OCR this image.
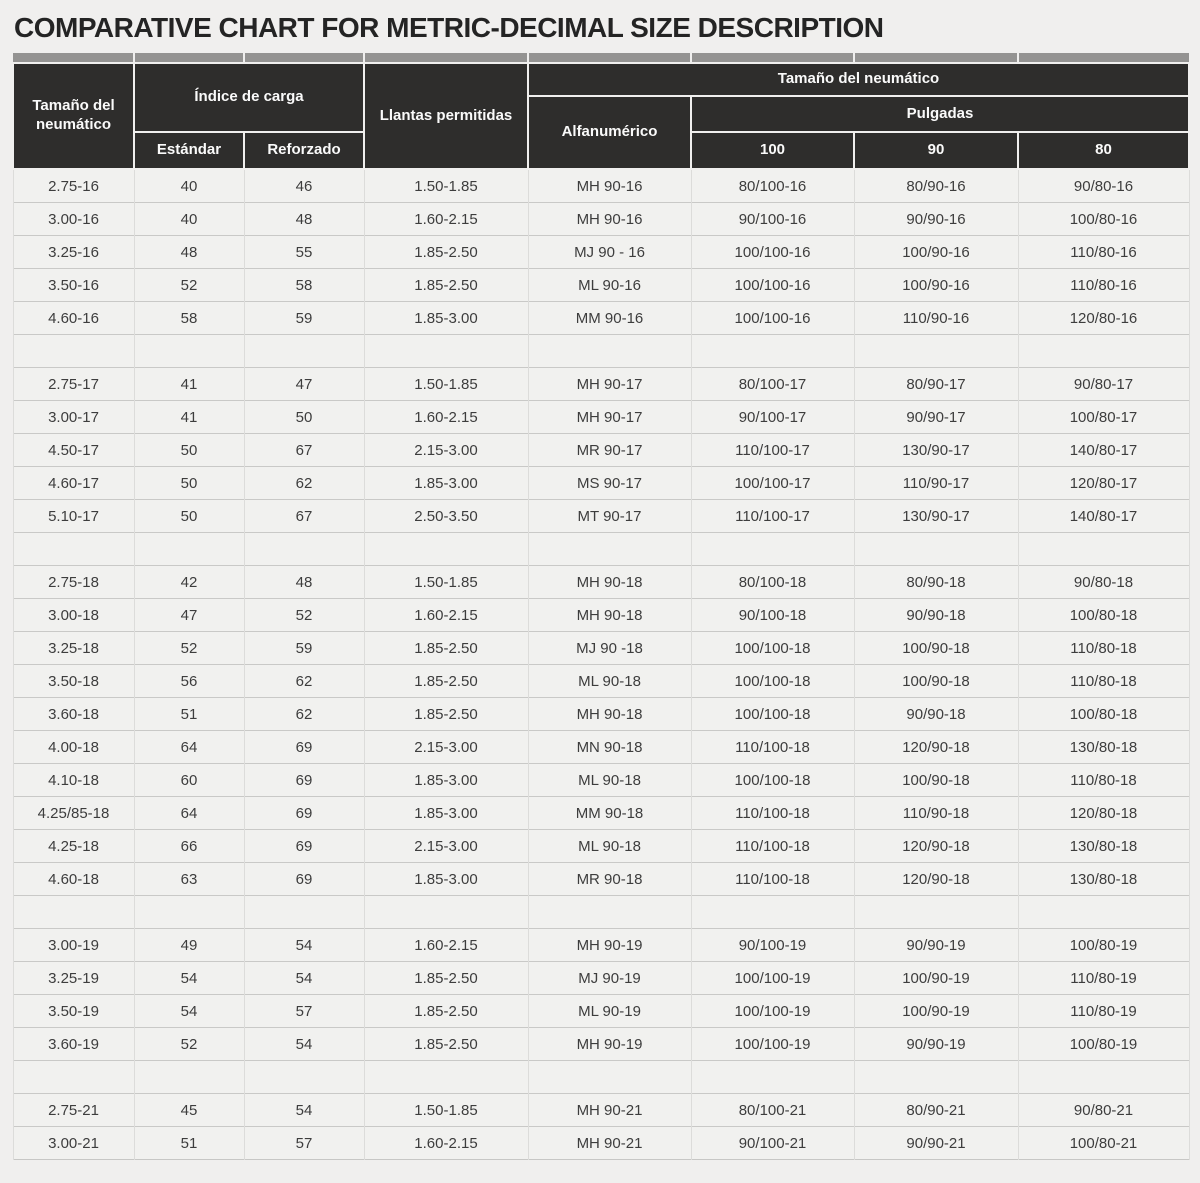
COMPARATIVE CHART FOR METRIC-DECIMAL SIZE DESCRIPTION

Tamaño del neumático	Índice de carga		Llantas permitidas	Tamaño del neumático			
				Alfanumérico	Pulgadas		
	Estándar	Reforzado			100	90	80
2.75-16	40	46	1.50-1.85	MH 90-16	80/100-16	80/90-16	90/80-16
3.00-16	40	48	1.60-2.15	MH 90-16	90/100-16	90/90-16	100/80-16
3.25-16	48	55	1.85-2.50	MJ 90 - 16	100/100-16	100/90-16	110/80-16
3.50-16	52	58	1.85-2.50	ML 90-16	100/100-16	100/90-16	110/80-16
4.60-16	58	59	1.85-3.00	MM 90-16	100/100-16	110/90-16	120/80-16

2.75-17	41	47	1.50-1.85	MH 90-17	80/100-17	80/90-17	90/80-17
3.00-17	41	50	1.60-2.15	MH 90-17	90/100-17	90/90-17	100/80-17
4.50-17	50	67	2.15-3.00	MR 90-17	110/100-17	130/90-17	140/80-17
4.60-17	50	62	1.85-3.00	MS 90-17	100/100-17	110/90-17	120/80-17
5.10-17	50	67	2.50-3.50	MT 90-17	110/100-17	130/90-17	140/80-17

2.75-18	42	48	1.50-1.85	MH 90-18	80/100-18	80/90-18	90/80-18
3.00-18	47	52	1.60-2.15	MH 90-18	90/100-18	90/90-18	100/80-18
3.25-18	52	59	1.85-2.50	MJ 90 -18	100/100-18	100/90-18	110/80-18
3.50-18	56	62	1.85-2.50	ML 90-18	100/100-18	100/90-18	110/80-18
3.60-18	51	62	1.85-2.50	MH 90-18	100/100-18	90/90-18	100/80-18
4.00-18	64	69	2.15-3.00	MN 90-18	110/100-18	120/90-18	130/80-18
4.10-18	60	69	1.85-3.00	ML 90-18	100/100-18	100/90-18	110/80-18
4.25/85-18	64	69	1.85-3.00	MM 90-18	110/100-18	110/90-18	120/80-18
4.25-18	66	69	2.15-3.00	ML 90-18	110/100-18	120/90-18	130/80-18
4.60-18	63	69	1.85-3.00	MR 90-18	110/100-18	120/90-18	130/80-18

3.00-19	49	54	1.60-2.15	MH 90-19	90/100-19	90/90-19	100/80-19
3.25-19	54	54	1.85-2.50	MJ 90-19	100/100-19	100/90-19	110/80-19
3.50-19	54	57	1.85-2.50	ML 90-19	100/100-19	100/90-19	110/80-19
3.60-19	52	54	1.85-2.50	MH 90-19	100/100-19	90/90-19	100/80-19

2.75-21	45	54	1.50-1.85	MH 90-21	80/100-21	80/90-21	90/80-21
3.00-21	51	57	1.60-2.15	MH 90-21	90/100-21	90/90-21	100/80-21
